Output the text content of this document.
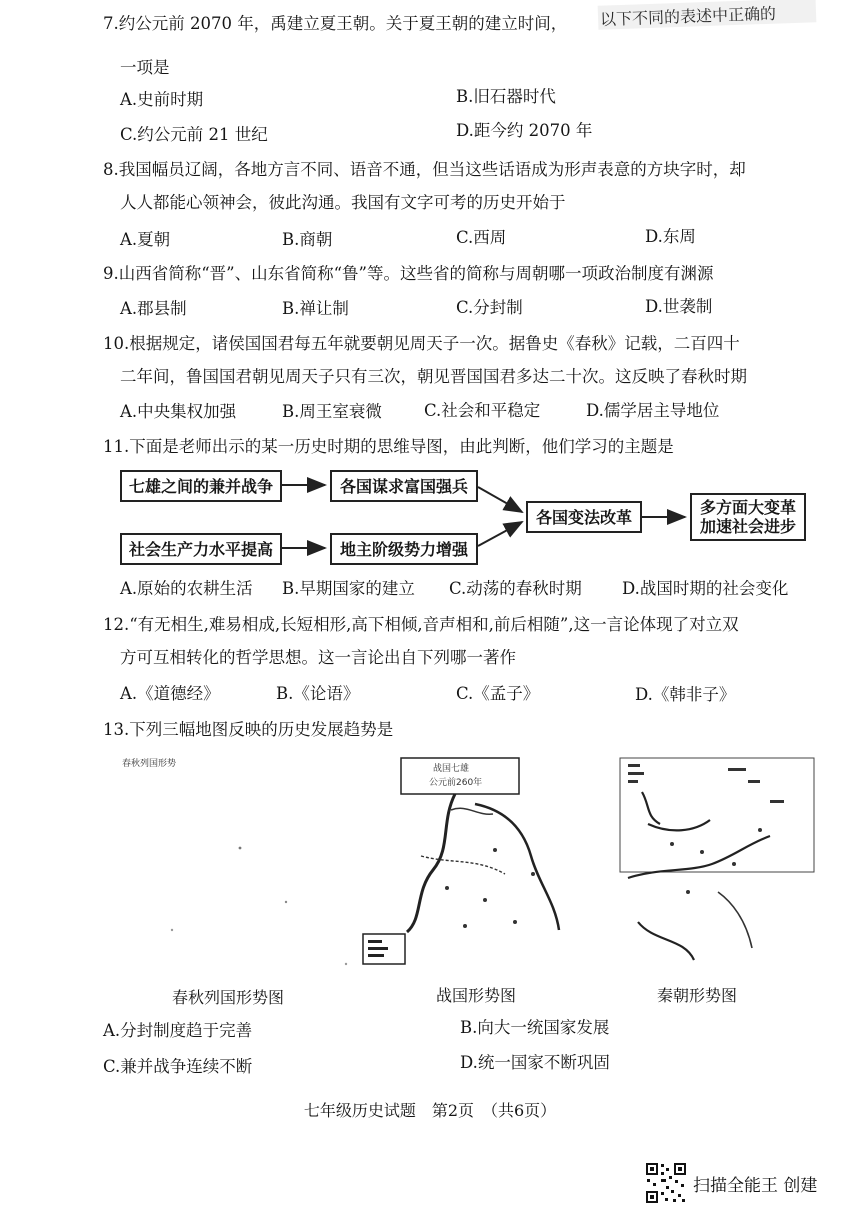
7.约公元前 2070 年，禹建立夏王朝。关于夏王朝的建立时间， 以下不同的表述中正确的
一项是
A.史前时期	B.旧石器时代
C.约公元前 21 世纪	D.距今约 2070 年
8.我国幅员辽阔，各地方言不同、语音不通，但当这些话语成为形声表意的方块字时，却
人人都能心领神会，彼此沟通。我国有文字可考的历史开始于
A.夏朝	B.商朝	C.西周	D.东周
9.山西省简称“晋”、山东省简称“鲁”等。这些省的简称与周朝哪一项政治制度有渊源
A.郡县制	B.禅让制	C.分封制	D.世袭制
10.根据规定，诸侯国国君每五年就要朝见周天子一次。据鲁史《春秋》记载，二百四十
二年间，鲁国国君朝见周天子只有三次，朝见晋国国君多达二十次。这反映了春秋时期
A.中央集权加强	B.周王室衰微	C.社会和平稳定	D.儒学居主导地位
11.下面是老师出示的某一历史时期的思维导图，由此判断，他们学习的主题是
七雄之间的兼并战争	各国谋求富国强兵
社会生产力水平提高	地主阶级势力增强
各国变法改革	多方面大变革
加速社会进步
A.原始的农耕生活 B.早期国家的建立 C.动荡的春秋时期 D.战国时期的社会变化
12.“有无相生,难易相成,长短相形,高下相倾,音声相和,前后相随”,这一言论体现了对立双
方可互相转化的哲学思想。这一言论出自下列哪一著作
A.《道德经》	B.《论语》	C.《孟子》	D.《韩非子》
13.下列三幅地图反映的历史发展趋势是
春秋列国形势	战国七雄
公元前260年
春秋列国形势图	战国形势图	秦朝形势图
A.分封制度趋于完善	B.向大一统国家发展
C.兼并战争连续不断	D.统一国家不断巩固
七年级历史试题　第2页　（共6页）
扫描全能王 创建
